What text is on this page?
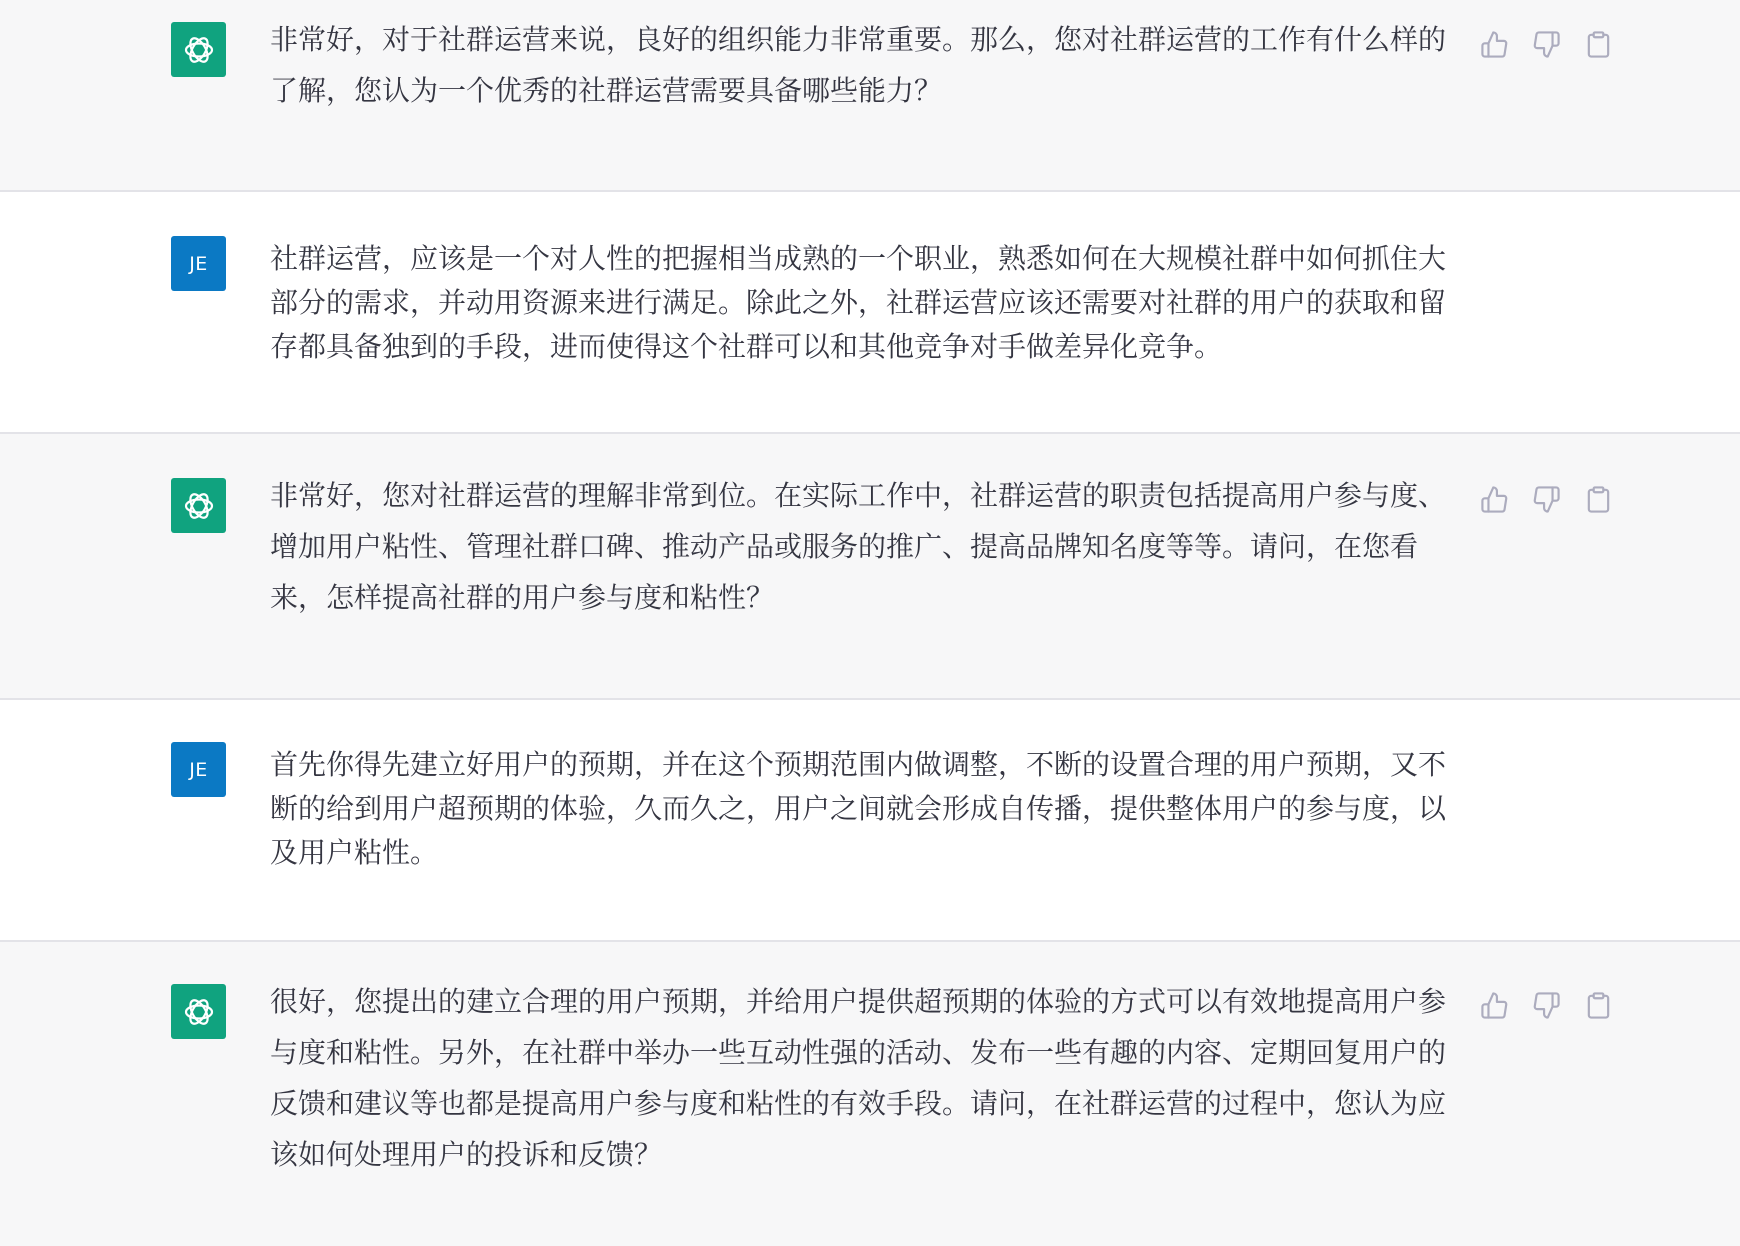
非常好，对于社群运营来说，良好的组织能力非常重要。那么，您对社群运营的工作有什么样的了解，您认为一个优秀的社群运营需要具备哪些能力？
JE 社群运营，应该是一个对人性的把握相当成熟的一个职业，熟悉如何在大规模社群中如何抓住大部分的需求，并动用资源来进行满足。除此之外，社群运营应该还需要对社群的用户的获取和留存都具备独到的手段，进而使得这个社群可以和其他竞争对手做差异化竞争。
非常好，您对社群运营的理解非常到位。在实际工作中，社群运营的职责包括提高用户参与度、增加用户粘性、管理社群口碑、推动产品或服务的推广、提高品牌知名度等等。请问，在您看来，怎样提高社群的用户参与度和粘性？
JE 首先你得先建立好用户的预期，并在这个预期范围内做调整，不断的设置合理的用户预期，又不断的给到用户超预期的体验，久而久之，用户之间就会形成自传播，提供整体用户的参与度，以及用户粘性。
很好，您提出的建立合理的用户预期，并给用户提供超预期的体验的方式可以有效地提高用户参与度和粘性。另外，在社群中举办一些互动性强的活动、发布一些有趣的内容、定期回复用户的反馈和建议等也都是提高用户参与度和粘性的有效手段。请问，在社群运营的过程中，您认为应该如何处理用户的投诉和反馈？
